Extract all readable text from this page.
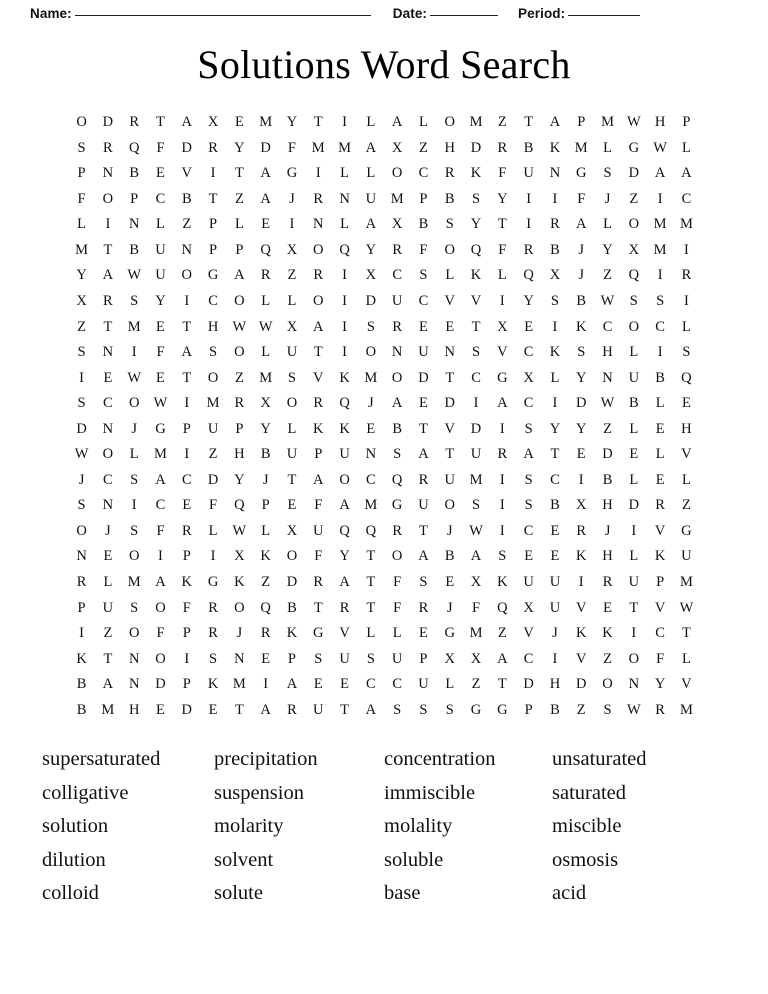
Name:	Date:	Period:
Solutions Word Search
O	D	R	T	A	X	E	M	Y	T	I	L	A	L	O	M	Z	T	A	P	M	W	H	P
S	R	Q	F	D	R	Y	D	F	M	M	A	X	Z	H	D	R	B	K	M	L	G	W	L
P	N	B	E	V	I	T	A	G	I	L	L	O	C	R	K	F	U	N	G	S	D	A	A
F	O	P	C	B	T	Z	A	J	R	N	U	M	P	B	S	Y	I	I	F	J	Z	I	C
L	I	N	L	Z	P	L	E	I	N	L	A	X	B	S	Y	T	I	R	A	L	O	M	M
M	T	B	U	N	P	P	Q	X	O	Q	Y	R	F	O	Q	F	R	B	J	Y	X	M	I
Y	A	W	U	O	G	A	R	Z	R	I	X	C	S	L	K	L	Q	X	J	Z	Q	I	R
X	R	S	Y	I	C	O	L	L	O	I	D	U	C	V	V	I	Y	S	B	W	S	S	I
Z	T	M	E	T	H	W	W	X	A	I	S	R	E	E	T	X	E	I	K	C	O	C	L
S	N	I	F	A	S	O	L	U	T	I	O	N	U	N	S	V	C	K	S	H	L	I	S
I	E	W	E	T	O	Z	M	S	V	K	M	O	D	T	C	G	X	L	Y	N	U	B	Q
S	C	O	W	I	M	R	X	O	R	Q	J	A	E	D	I	A	C	I	D	W	B	L	E
D	N	J	G	P	U	P	Y	L	K	K	E	B	T	V	D	I	S	Y	Y	Z	L	E	H
W	O	L	M	I	Z	H	B	U	P	U	N	S	A	T	U	R	A	T	E	D	E	L	V
J	C	S	A	C	D	Y	J	T	A	O	C	Q	R	U	M	I	S	C	I	B	L	E	L
S	N	I	C	E	F	Q	P	E	F	A	M	G	U	O	S	I	S	B	X	H	D	R	Z
O	J	S	F	R	L	W	L	X	U	Q	Q	R	T	J	W	I	C	E	R	J	I	V	G
N	E	O	I	P	I	X	K	O	F	Y	T	O	A	B	A	S	E	E	K	H	L	K	U
R	L	M	A	K	G	K	Z	D	R	A	T	F	S	E	X	K	U	U	I	R	U	P	M
P	U	S	O	F	R	O	Q	B	T	R	T	F	R	J	F	Q	X	U	V	E	T	V	W
I	Z	O	F	P	R	J	R	K	G	V	L	L	E	G	M	Z	V	J	K	K	I	C	T
K	T	N	O	I	S	N	E	P	S	U	S	U	P	X	X	A	C	I	V	Z	O	F	L
B	A	N	D	P	K	M	I	A	E	E	C	C	U	L	Z	T	D	H	D	O	N	Y	V
B	M	H	E	D	E	T	A	R	U	T	A	S	S	S	G	G	P	B	Z	S	W	R	M
supersaturated	precipitation	concentration	unsaturated
colligative	suspension	immiscible	saturated
solution	molarity	molality	miscible
dilution	solvent	soluble	osmosis
colloid	solute	base	acid
